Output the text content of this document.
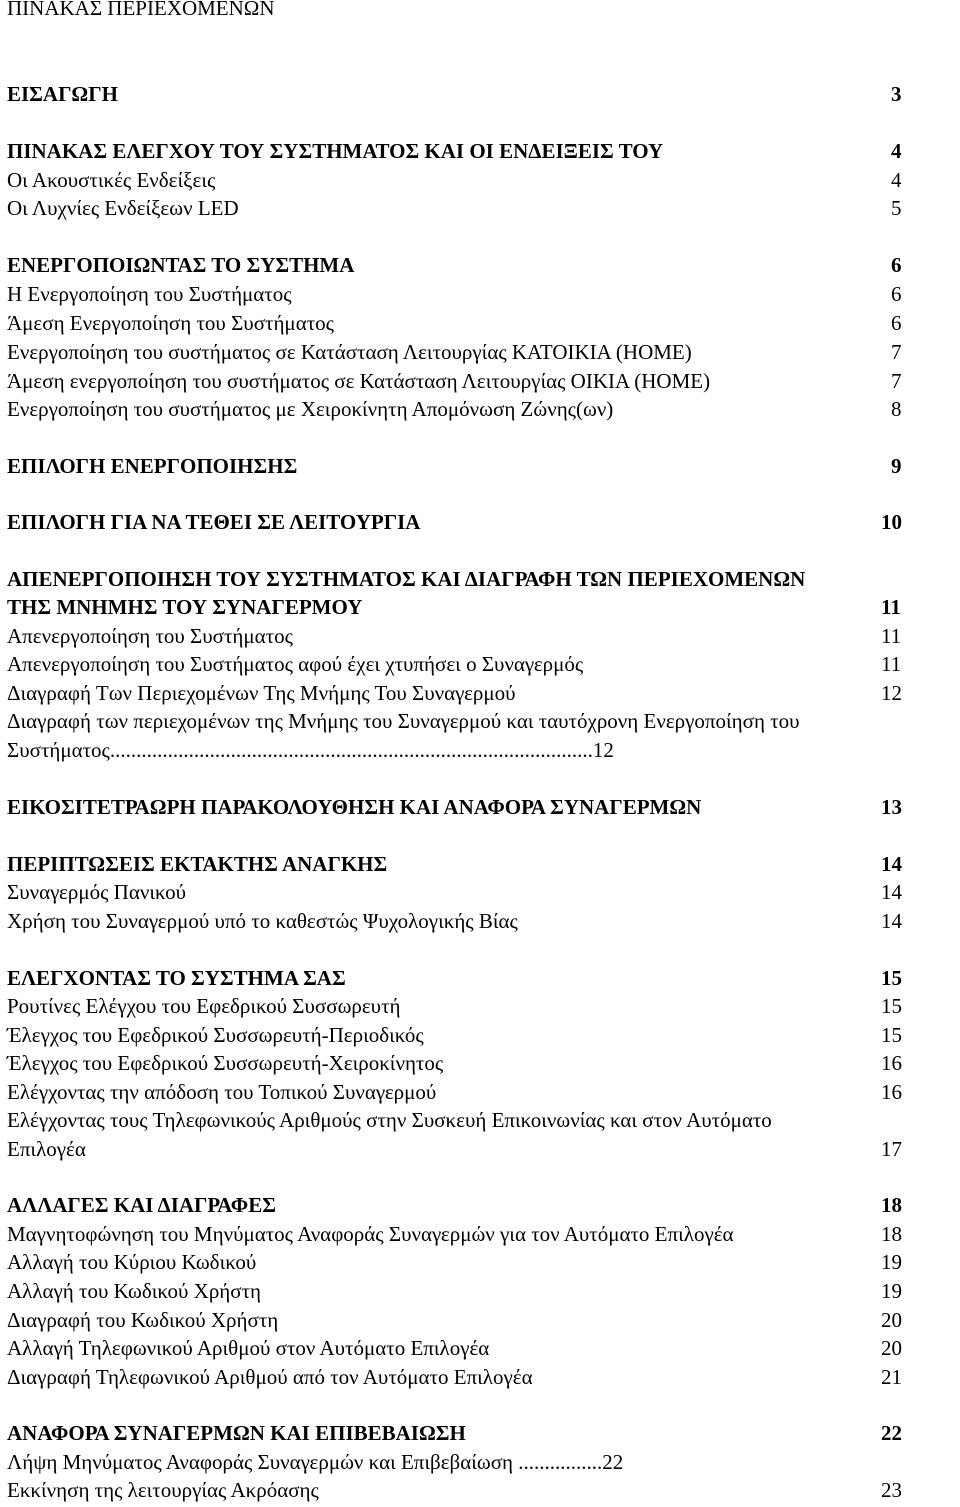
ΠΙΝΑΚΑΣ ΠΕΡΙΕΧΟΜΕΝΩΝ
ΕΙΣΑΓΩΓΗ	3
ΠΙΝΑΚΑΣ ΕΛΕΓΧΟΥ ΤΟΥ ΣΥΣΤΗΜΑΤΟΣ ΚΑΙ ΟΙ ΕΝΔΕΙΞΕΙΣ ΤΟΥ	4
Οι Ακουστικές Ενδείξεις	4
Οι Λυχνίες Ενδείξεων LED	5
ΕΝΕΡΓΟΠΟΙΩΝΤΑΣ ΤΟ ΣΥΣΤΗΜΑ	6
Η Ενεργοποίηση του Συστήματος	6
Άμεση Ενεργοποίηση του Συστήματος	6
Ενεργοποίηση του συστήματος σε Κατάσταση Λειτουργίας ΚΑΤΟΙΚΙΑ (HOME)	7
Άμεση ενεργοποίηση του συστήματος σε Κατάσταση Λειτουργίας ΟΙΚΙΑ (HOME)	7
Ενεργοποίηση του συστήματος με Χειροκίνητη Απομόνωση Ζώνης(ων)	8
ΕΠΙΛΟΓΗ ΕΝΕΡΓΟΠΟΙΗΣΗΣ	9
ΕΠΙΛΟΓΗ ΓΙΑ ΝΑ ΤΕΘΕΙ ΣΕ ΛΕΙΤΟΥΡΓΙΑ	10
ΑΠΕΝΕΡΓΟΠΟΙΗΣΗ ΤΟΥ ΣΥΣΤΗΜΑΤΟΣ ΚΑΙ ΔΙΑΓΡΑΦΗ ΤΩΝ ΠΕΡΙΕΧΟΜΕΝΩΝ
ΤΗΣ ΜΝΗΜΗΣ ΤΟΥ ΣΥΝΑΓΕΡΜΟΥ	11
Απενεργοποίηση του Συστήματος	11
Απενεργοποίηση του Συστήματος αφού έχει χτυπήσει ο Συναγερμός	11
Διαγραφή Των Περιεχομένων Της Μνήμης Του Συναγερμού	12
Διαγραφή των περιεχομένων της Μνήμης του Συναγερμού και ταυτόχρονη Ενεργοποίηση του
Συστήματος............................................................................................12
ΕΙΚΟΣΙΤΕΤΡΑΩΡΗ ΠΑΡΑΚΟΛΟΥΘΗΣΗ ΚΑΙ ΑΝΑΦΟΡΑ ΣΥΝΑΓΕΡΜΩΝ	13
ΠΕΡΙΠΤΩΣΕΙΣ ΕΚΤΑΚΤΗΣ ΑΝΑΓΚΗΣ	14
Συναγερμός Πανικού	14
Χρήση του Συναγερμού υπό το καθεστώς Ψυχολογικής Βίας	14
ΕΛΕΓΧΟΝΤΑΣ ΤΟ ΣΥΣΤΗΜΑ ΣΑΣ	15
Ρουτίνες Ελέγχου του Εφεδρικού Συσσωρευτή	15
Έλεγχος του Εφεδρικού Συσσωρευτή-Περιοδικός	15
Έλεγχος του Εφεδρικού Συσσωρευτή-Χειροκίνητος	16
Ελέγχοντας την απόδοση του Τοπικού Συναγερμού	16
Ελέγχοντας τους Τηλεφωνικούς Αριθμούς στην Συσκευή Επικοινωνίας και στον Αυτόματο
Επιλογέα	17
ΑΛΛΑΓΕΣ ΚΑΙ ΔΙΑΓΡΑΦΕΣ	18
Μαγνητοφώνηση του Μηνύματος Αναφοράς Συναγερμών για τον Αυτόματο Επιλογέα	18
Αλλαγή του Κύριου Κωδικού	19
Αλλαγή του Κωδικού Χρήστη	19
Διαγραφή του Κωδικού Χρήστη	20
Αλλαγή Τηλεφωνικού Αριθμού στον Αυτόματο Επιλογέα	20
Διαγραφή Τηλεφωνικού Αριθμού από τον Αυτόματο Επιλογέα	21
ΑΝΑΦΟΡΑ ΣΥΝΑΓΕΡΜΩΝ ΚΑΙ ΕΠΙΒΕΒΑΙΩΣΗ	22
Λήψη Μηνύματος Αναφοράς Συναγερμών και Επιβεβαίωση ................22
Εκκίνηση της λειτουργίας Ακρόασης	23
